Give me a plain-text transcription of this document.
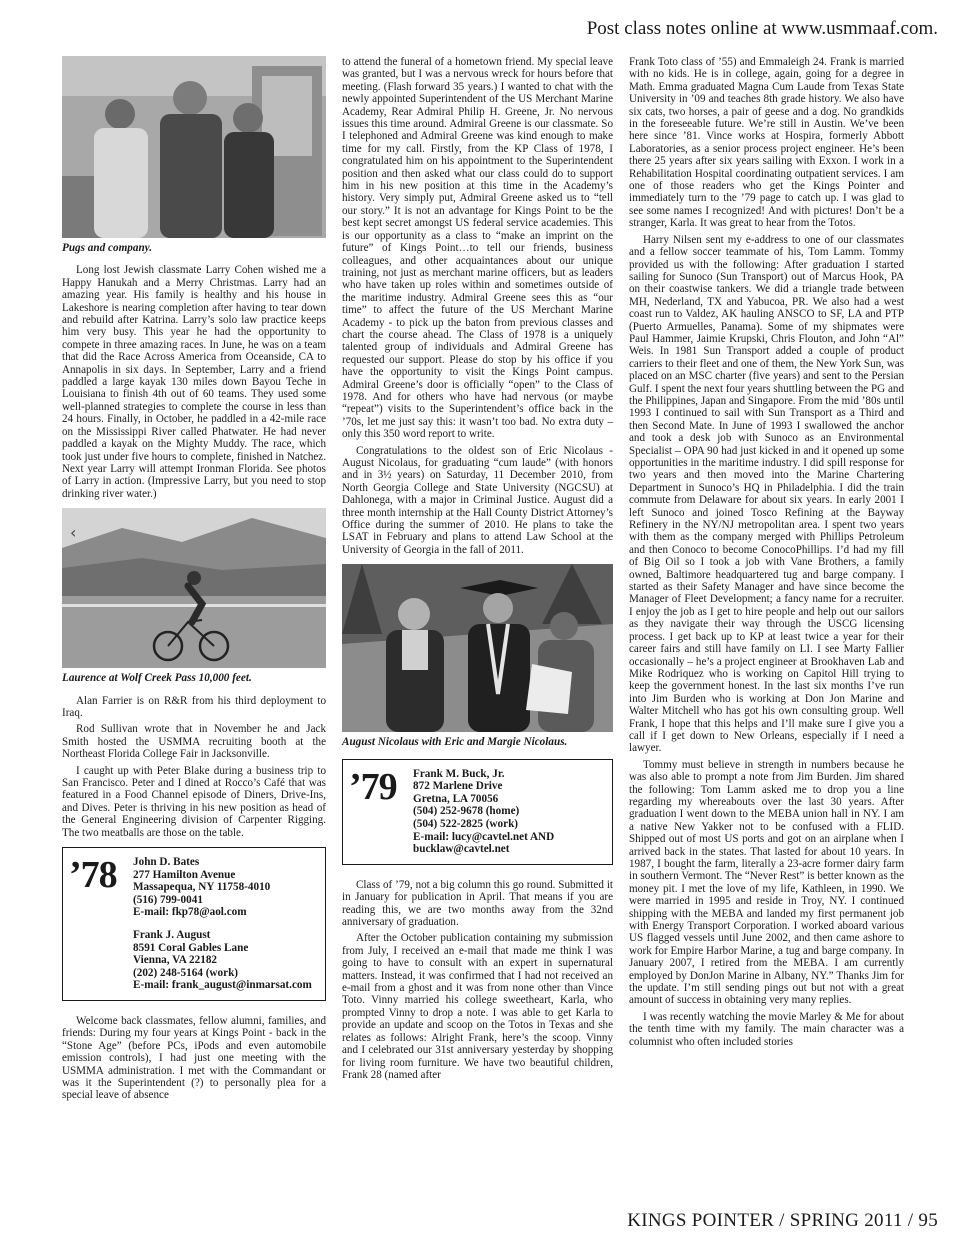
Post class notes online at www.usmmaaf.com.
Pugs and company.

Long lost Jewish classmate Larry Cohen wished me a Happy Hanukah and a Merry Christmas. Larry had an amazing year. His family is healthy and his house in Lakeshore is nearing completion after having to tear down and rebuild after Katrina. Larry’s solo law practice keeps him very busy. This year he had the opportunity to compete in three amazing races. In June, he was on a team that did the Race Across America from Oceanside, CA to Annapolis in six days. In September, Larry and a friend paddled a large kayak 130 miles down Bayou Teche in Louisiana to finish 4th out of 60 teams. They used some well-planned strategies to complete the course in less than 24 hours. Finally, in October, he paddled in a 42-mile race on the Mississippi River called Phatwater. He had never paddled a kayak on the Mighty Muddy. The race, which took just under five hours to complete, finished in Natchez. Next year Larry will attempt Ironman Florida. See photos of Larry in action. (Impressive Larry, but you need to stop drinking river water.)

‹
Laurence at Wolf Creek Pass 10,000 feet.

Alan Farrier is on R&R from his third deployment to Iraq.

Rod Sullivan wrote that in November he and Jack Smith hosted the USMMA recruiting booth at the Northeast Florida College Fair in Jacksonville.

I caught up with Peter Blake during a business trip to San Francisco. Peter and I dined at Rocco’s Café that was featured in a Food Channel episode of Diners, Drive-Ins, and Dives. Peter is thriving in his new position as head of the General Engineering division of Carpenter Rigging. The two meatballs are those on the table.

’78	John D. Bates
277 Hamilton Avenue
Massapequa, NY 11758-4010
(516) 799-0041
E-mail: fkp78@aol.com
Frank J. August
8591 Coral Gables Lane
Vienna, VA 22182
(202) 248-5164 (work)
E-mail: frank_august@inmarsat.com

Welcome back classmates, fellow alumni, families, and friends: During my four years at Kings Point - back in the “Stone Age” (before PCs, iPods and even automobile emission controls), I had just one meeting with the USMMA administration. I met with the Commandant or was it the Superintendent (?) to personally plea for a special leave of absence

to attend the funeral of a hometown friend. My special leave was granted, but I was a nervous wreck for hours before that meeting. (Flash forward 35 years.) I wanted to chat with the newly appointed Superintendent of the US Merchant Marine Academy, Rear Admiral Philip H. Greene, Jr. No nervous issues this time around. Admiral Greene is our classmate. So I telephoned and Admiral Greene was kind enough to make time for my call. Firstly, from the KP Class of 1978, I congratulated him on his appointment to the Superintendent position and then asked what our class could do to support him in his new position at this time in the Academy’s history. Very simply put, Admiral Greene asked us to “tell our story.” It is not an advantage for Kings Point to be the best kept secret amongst US federal service academies. This is our opportunity as a class to “make an imprint on the future” of Kings Point…to tell our friends, business colleagues, and other acquaintances about our unique training, not just as merchant marine officers, but as leaders who have taken up roles within and sometimes outside of the maritime industry. Admiral Greene sees this as “our time” to affect the future of the US Merchant Marine Academy - to pick up the baton from previous classes and chart the course ahead. The Class of 1978 is a uniquely talented group of individuals and Admiral Greene has requested our support. Please do stop by his office if you have the opportunity to visit the Kings Point campus. Admiral Greene’s door is officially “open” to the Class of 1978. And for others who have had nervous (or maybe “repeat”) visits to the Superintendent’s office back in the ’70s, let me just say this: it wasn’t too bad. No extra duty – only this 350 word report to write.

Congratulations to the oldest son of Eric Nicolaus - August Nicolaus, for graduating “cum laude” (with honors and in 3½ years) on Saturday, 11 December 2010, from North Georgia College and State University (NGCSU) at Dahlonega, with a major in Criminal Justice. August did a three month internship at the Hall County District Attorney’s Office during the summer of 2010. He plans to take the LSAT in February and plans to attend Law School at the University of Georgia in the fall of 2011.

August Nicolaus with Eric and Margie Nicolaus.
’79	Frank M. Buck, Jr.
872 Marlene Drive
Gretna, LA 70056
(504) 252-9678 (home)
(504) 522-2825 (work)
E-mail: lucy@cavtel.net AND
bucklaw@cavtel.net

Class of ’79, not a big column this go round. Submitted it in January for publication in April. That means if you are reading this, we are two months away from the 32nd anniversary of graduation.

After the October publication containing my submission from July, I received an e-mail that made me think I was going to have to consult with an expert in supernatural matters. Instead, it was confirmed that I had not received an e-mail from a ghost and it was from none other than Vince Toto. Vinny married his college sweetheart, Karla, who prompted Vinny to drop a note. I was able to get Karla to provide an update and scoop on the Totos in Texas and she relates as follows: Alright Frank, here’s the scoop. Vinny and I celebrated our 31st anniversary yesterday by shopping for living room furniture. We have two beautiful children, Frank 28 (named after

Frank Toto class of ’55) and Emmaleigh 24. Frank is married with no kids. He is in college, again, going for a degree in Math. Emma graduated Magna Cum Laude from Texas State University in ’09 and teaches 8th grade history. We also have six cats, two horses, a pair of geese and a dog. No grandkids in the foreseeable future. We’re still in Austin. We’ve been here since ’81. Vince works at Hospira, formerly Abbott Laboratories, as a senior process project engineer. He’s been there 25 years after six years sailing with Exxon. I work in a Rehabilitation Hospital coordinating outpatient services. I am one of those readers who get the Kings Pointer and immediately turn to the ’79 page to catch up. I was glad to see some names I recognized! And with pictures! Don’t be a stranger, Karla. It was great to hear from the Totos.

Harry Nilsen sent my e-address to one of our classmates and a fellow soccer teammate of his, Tom Lamm. Tommy provided us with the following: After graduation I started sailing for Sunoco (Sun Transport) out of Marcus Hook, PA on their coastwise tankers. We did a triangle trade between MH, Nederland, TX and Yabucoa, PR. We also had a west coast run to Valdez, AK hauling ANSCO to SF, LA and PTP (Puerto Armuelles, Panama). Some of my shipmates were Paul Hammer, Jaimie Krupski, Chris Flouton, and John “Al” Weis. In 1981 Sun Transport added a couple of product carriers to their fleet and one of them, the New York Sun, was placed on an MSC charter (five years) and sent to the Persian Gulf. I spent the next four years shuttling between the PG and the Philippines, Japan and Singapore. From the mid ’80s until 1993 I continued to sail with Sun Transport as a Third and then Second Mate. In June of 1993 I swallowed the anchor and took a desk job with Sunoco as an Environmental Specialist – OPA 90 had just kicked in and it opened up some opportunities in the maritime industry. I did spill response for two years and then moved into the Marine Chartering Department in Sunoco’s HQ in Philadelphia. I did the train commute from Delaware for about six years. In early 2001 I left Sunoco and joined Tosco Refining at the Bayway Refinery in the NY/NJ metropolitan area. I spent two years with them as the company merged with Phillips Petroleum and then Conoco to become ConocoPhillips. I’d had my fill of Big Oil so I took a job with Vane Brothers, a family owned, Baltimore headquartered tug and barge company. I started as their Safety Manager and have since become the Manager of Fleet Development; a fancy name for a recruiter. I enjoy the job as I get to hire people and help out our sailors as they navigate their way through the USCG licensing process. I get back up to KP at least twice a year for their career fairs and still have family on LI. I see Marty Fallier occasionally – he’s a project engineer at Brookhaven Lab and Mike Rodriquez who is working on Capitol Hill trying to keep the government honest. In the last six months I’ve run into Jim Burden who is working at Don Jon Marine and Walter Mitchell who has got his own consulting group. Well Frank, I hope that this helps and I’ll make sure I give you a call if I get down to New Orleans, especially if I need a lawyer.

Tommy must believe in strength in numbers because he was also able to prompt a note from Jim Burden. Jim shared the following: Tom Lamm asked me to drop you a line regarding my whereabouts over the last 30 years. After graduation I went down to the MEBA union hall in NY. I am a native New Yakker not to be confused with a FLID. Shipped out of most US ports and got on an airplane when I arrived back in the states. That lasted for about 10 years. In 1987, I bought the farm, literally a 23-acre former dairy farm in southern Vermont. The “Never Rest” is better known as the money pit. I met the love of my life, Kathleen, in 1990. We were married in 1995 and reside in Troy, NY. I continued shipping with the MEBA and landed my first permanent job with Energy Transport Corporation. I worked aboard various US flagged vessels until June 2002, and then came ashore to work for Empire Harbor Marine, a tug and barge company. In January 2007, I retired from the MEBA. I am currently employed by DonJon Marine in Albany, NY.” Thanks Jim for the update. I’m still sending pings out but not with a great amount of success in obtaining very many replies.

I was recently watching the movie Marley & Me for about the tenth time with my family. The main character was a columnist who often included stories

KINGS POINTER / SPRING 2011 / 95
